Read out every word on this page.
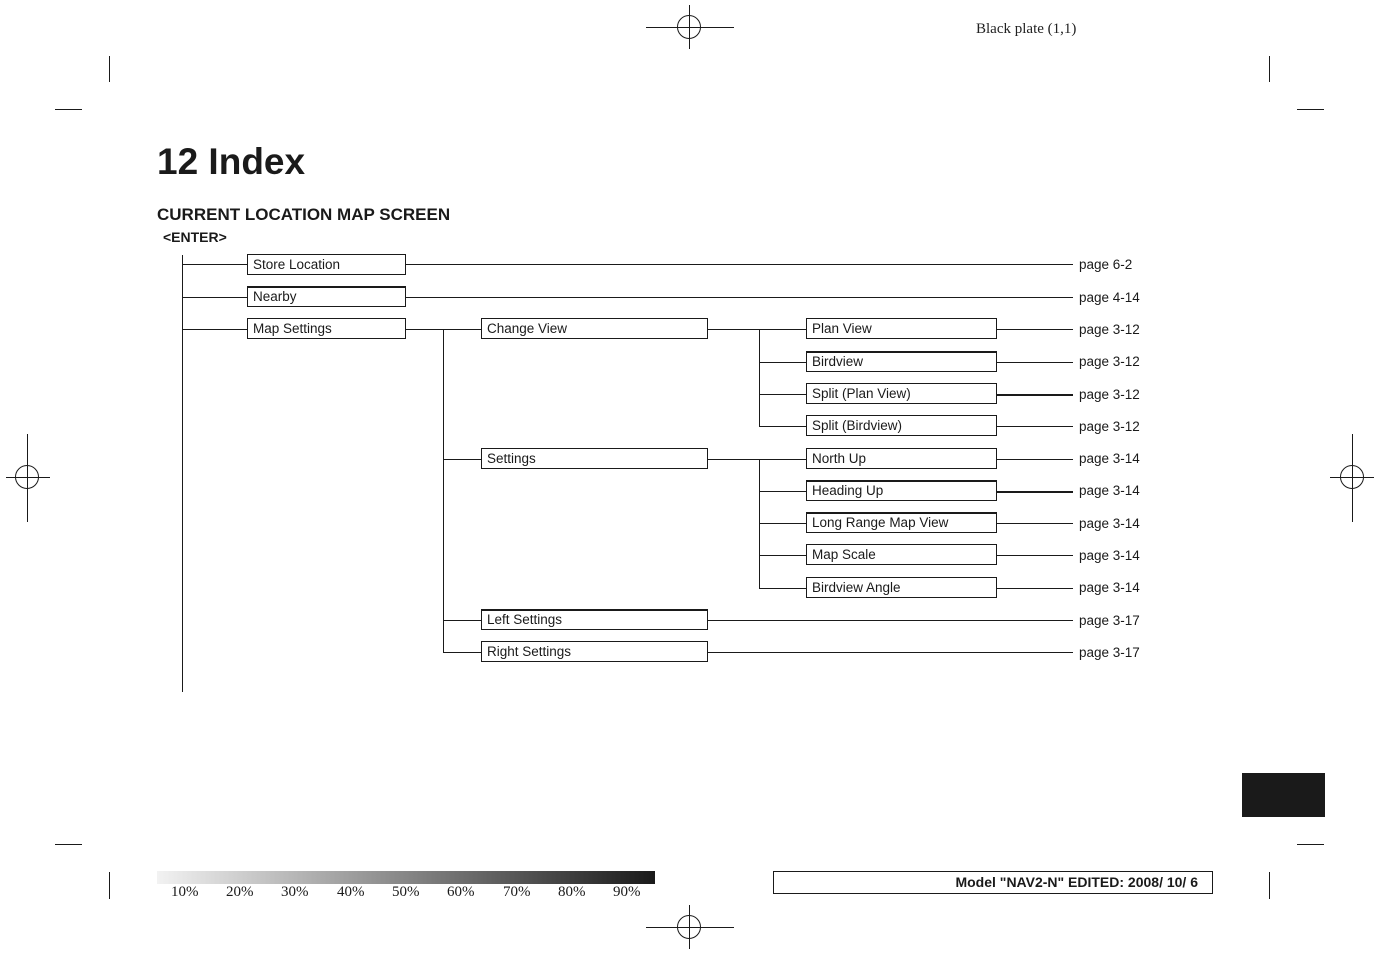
Black plate (1,1)
12 Index
CURRENT LOCATION MAP SCREEN
<ENTER>
Store Location
Nearby
Map Settings	Change View
Settings
Left Settings
Right Settings
Plan View
Birdview
Split (Plan View)
Split (Birdview)
North Up
Heading Up
Long Range Map View
Map Scale
Birdview Angle
page 6-2
page 4-14
page 3-12
page 3-12
page 3-12
page 3-12
page 3-14
page 3-14
page 3-14
page 3-14
page 3-14
page 3-17
page 3-17
10% 20% 30% 40% 50% 60% 70% 80% 90%
Model "NAV2-N" EDITED: 2008/ 10/ 6
